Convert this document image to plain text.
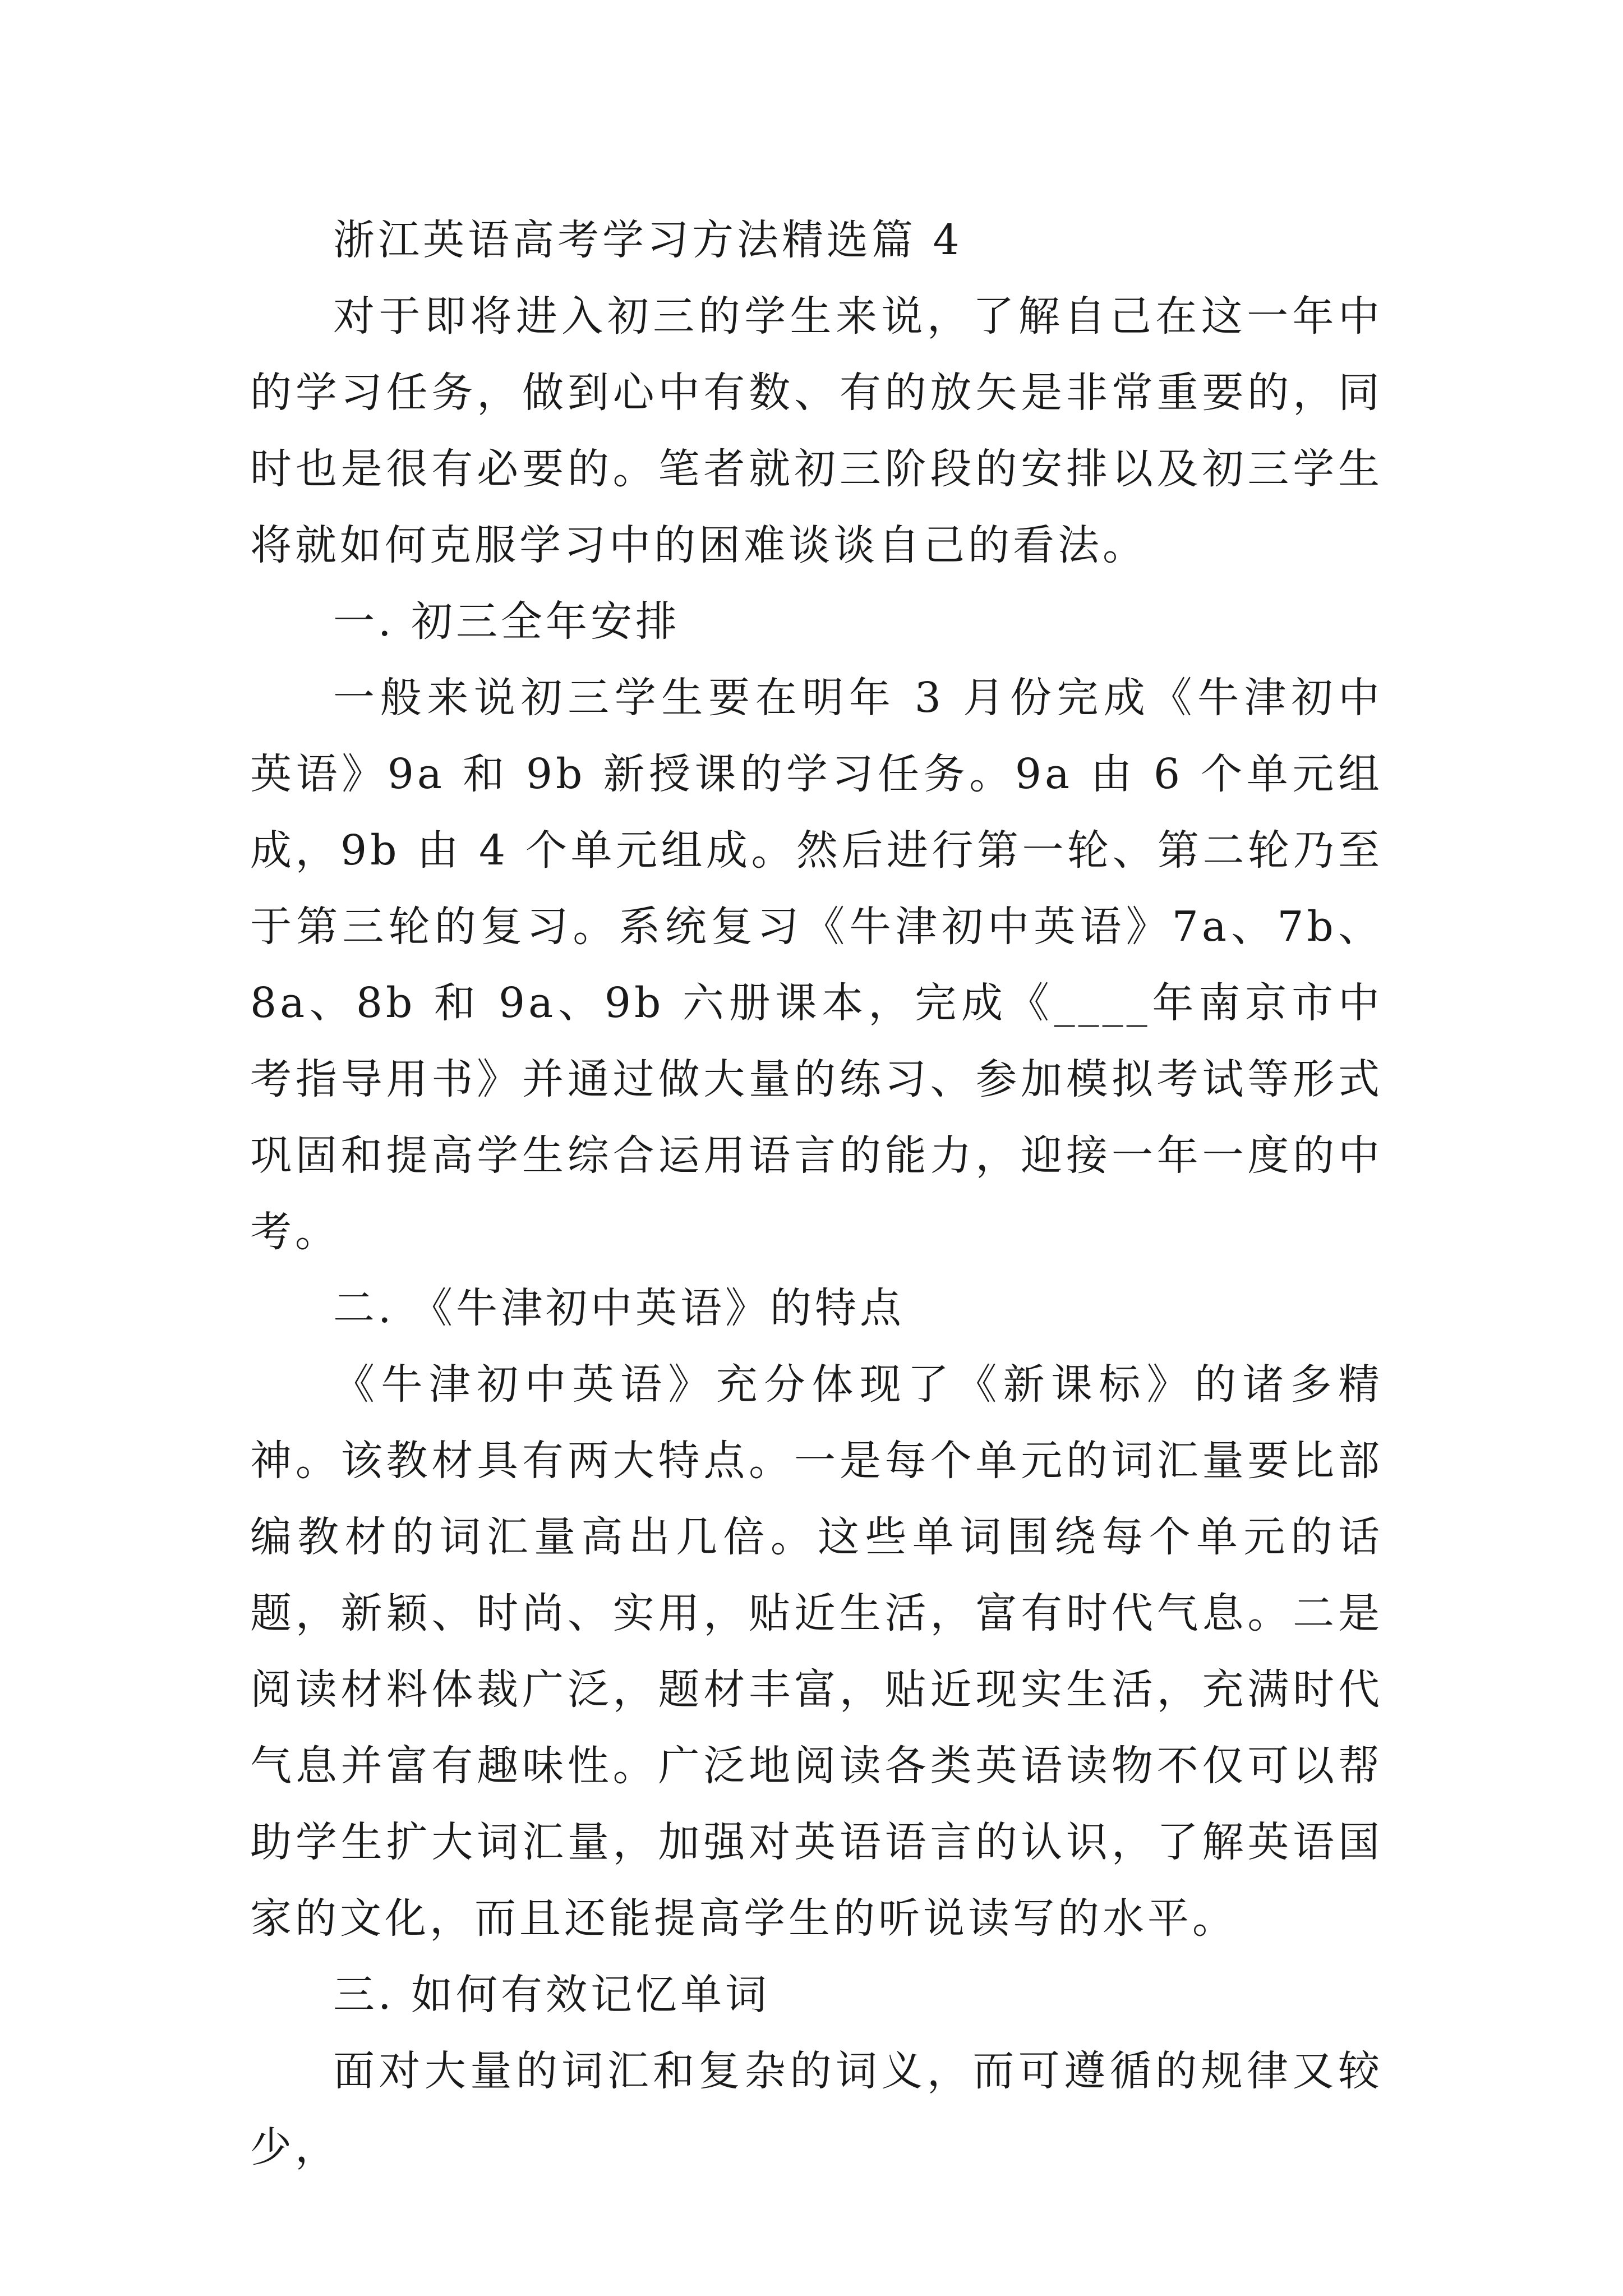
浙江英语高考学习方法精选篇 4

对于即将进入初三的学生来说，了解自己在这一年中的学习任务，做到心中有数、有的放矢是非常重要的，同时也是很有必要的。笔者就初三阶段的安排以及初三学生将就如何克服学习中的困难谈谈自己的看法。

一. 初三全年安排

一般来说初三学生要在明年 3 月份完成《牛津初中英语》9a 和 9b 新授课的学习任务。9a 由 6 个单元组成，9b 由 4 个单元组成。然后进行第一轮、第二轮乃至于第三轮的复习。系统复习《牛津初中英语》7a、7b、8a、8b 和 9a、9b 六册课本，完成《____年南京市中考指导用书》并通过做大量的练习、参加模拟考试等形式巩固和提高学生综合运用语言的能力，迎接一年一度的中考。

二. 《牛津初中英语》的特点

《牛津初中英语》充分体现了《新课标》的诸多精神。该教材具有两大特点。一是每个单元的词汇量要比部编教材的词汇量高出几倍。这些单词围绕每个单元的话题，新颖、时尚、实用，贴近生活，富有时代气息。二是阅读材料体裁广泛，题材丰富，贴近现实生活，充满时代气息并富有趣味性。广泛地阅读各类英语读物不仅可以帮助学生扩大词汇量，加强对英语语言的认识，了解英语国家的文化，而且还能提高学生的听说读写的水平。

三. 如何有效记忆单词

面对大量的词汇和复杂的词义，而可遵循的规律又较少，
